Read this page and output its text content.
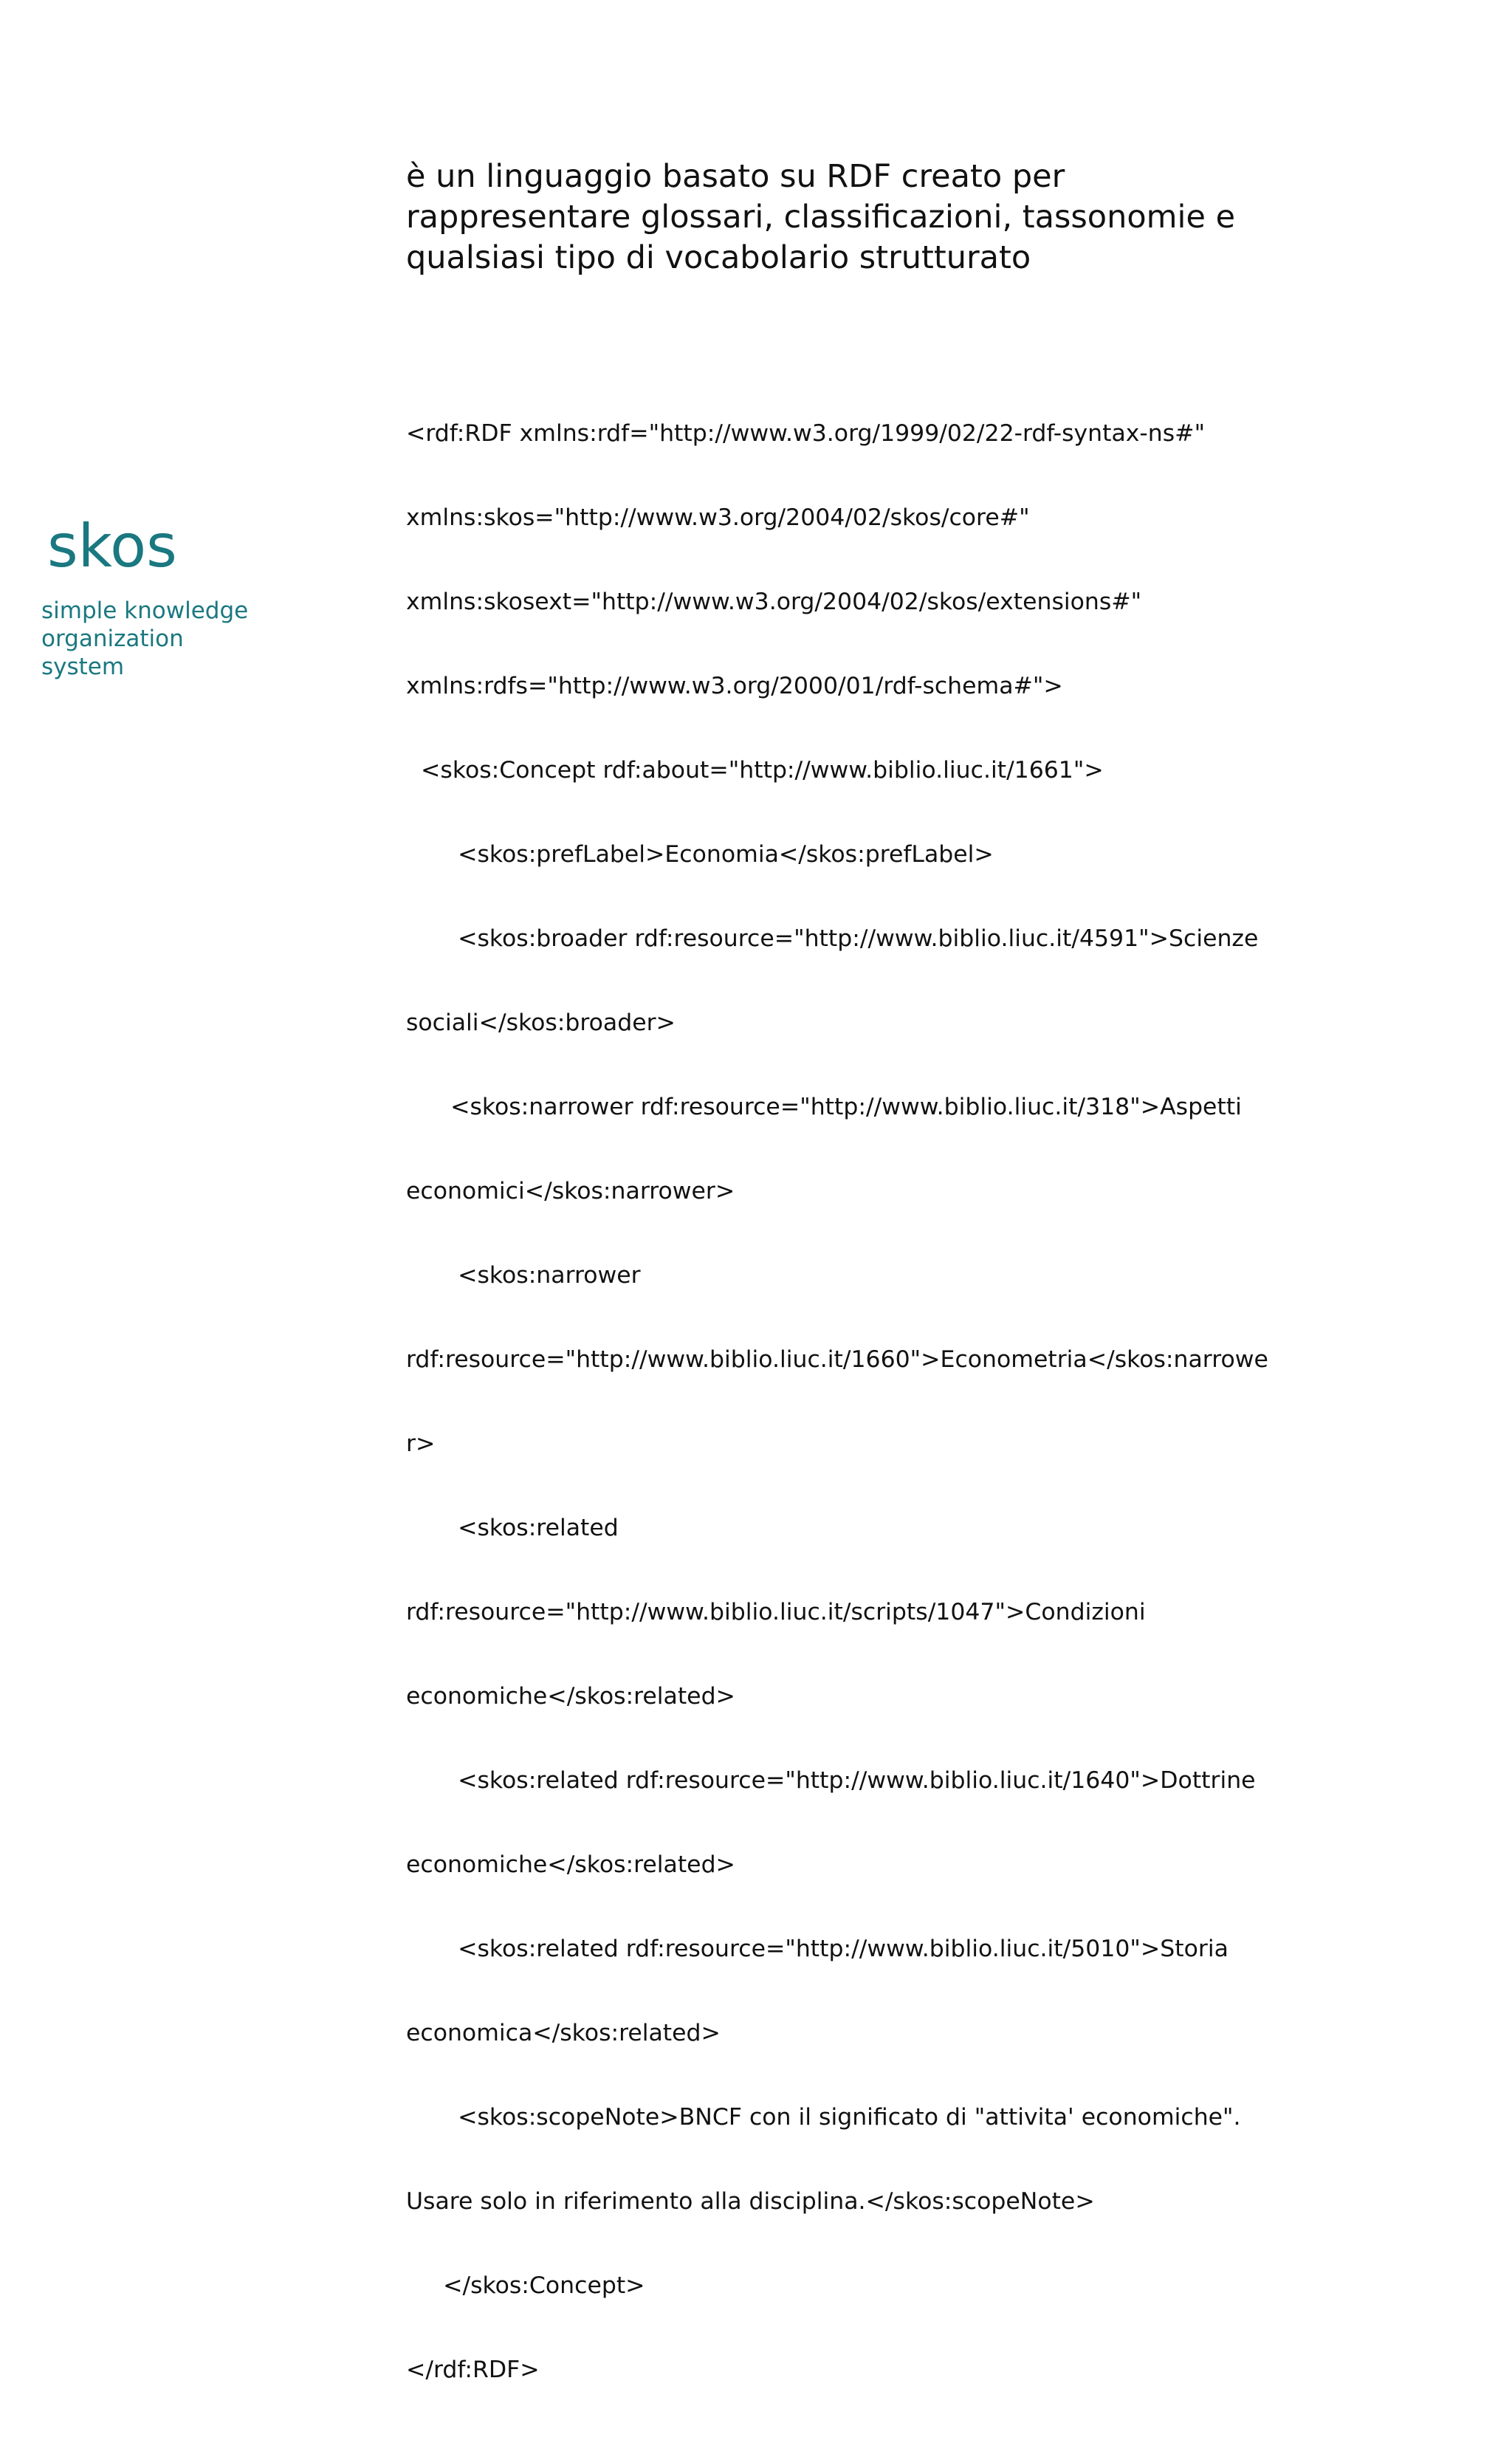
skos
simple knowledge
organization
system
è un linguaggio basato su RDF creato per
rappresentare glossari, classificazioni, tassonomie e
qualsiasi tipo di vocabolario strutturato

<rdf:RDF xmlns:rdf="http://www.w3.org/1999/02/22-rdf-syntax-ns#"

xmlns:skos="http://www.w3.org/2004/02/skos/core#"

xmlns:skosext="http://www.w3.org/2004/02/skos/extensions#"

xmlns:rdfs="http://www.w3.org/2000/01/rdf-schema#">

<skos:Concept rdf:about="http://www.biblio.liuc.it/1661">

<skos:prefLabel>Economia</skos:prefLabel>

<skos:broader rdf:resource="http://www.biblio.liuc.it/4591">Scienze

sociali</skos:broader>

<skos:narrower rdf:resource="http://www.biblio.liuc.it/318">Aspetti

economici</skos:narrower>

<skos:narrower

rdf:resource="http://www.biblio.liuc.it/1660">Econometria</skos:narrowe

r>

<skos:related

rdf:resource="http://www.biblio.liuc.it/scripts/1047">Condizioni

economiche</skos:related>

<skos:related rdf:resource="http://www.biblio.liuc.it/1640">Dottrine

economiche</skos:related>

<skos:related rdf:resource="http://www.biblio.liuc.it/5010">Storia

economica</skos:related>

<skos:scopeNote>BNCF con il significato di "attivita' economiche".

Usare solo in riferimento alla disciplina.</skos:scopeNote>

</skos:Concept>

</rdf:RDF>
